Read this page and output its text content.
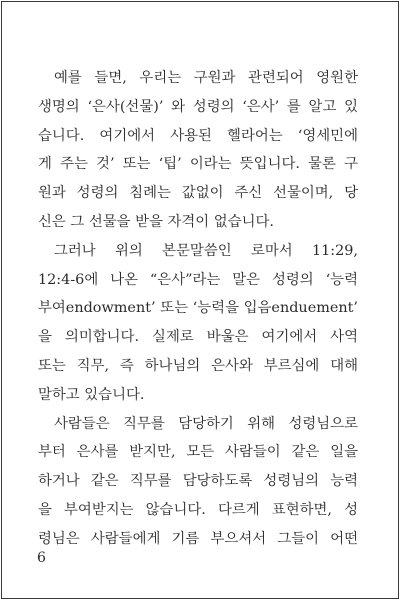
예를 들면, 우리는 구원과 관련되어 영원한
생명의 ‘은사(선물)’ 와 성령의 ‘은사’ 를 알고 있
습니다. 여기에서 사용된 헬라어는 ‘영세민에
게 주는 것’ 또는 ‘팁’ 이라는 뜻입니다. 물론 구
원과 성령의 침례는 값없이 주신 선물이며, 당
신은 그 선물을 받을 자격이 없습니다.
그러나 위의 본문말씀인 로마서 11:29,
12:4-6에 나온 “은사”라는 말은 성령의 ‘능력
부여endowment’ 또는 ‘능력을 입음enduement’
을 의미합니다. 실제로 바울은 여기에서 사역
또는 직무, 즉 하나님의 은사와 부르심에 대해
말하고 있습니다.
사람들은 직무를 담당하기 위해 성령님으로
부터 은사를 받지만, 모든 사람들이 같은 일을
하거나 같은 직무를 담당하도록 성령님의 능력
을 부여받지는 않습니다. 다르게 표현하면, 성
령님은 사람들에게 기름 부으셔서 그들이 어떤
6
